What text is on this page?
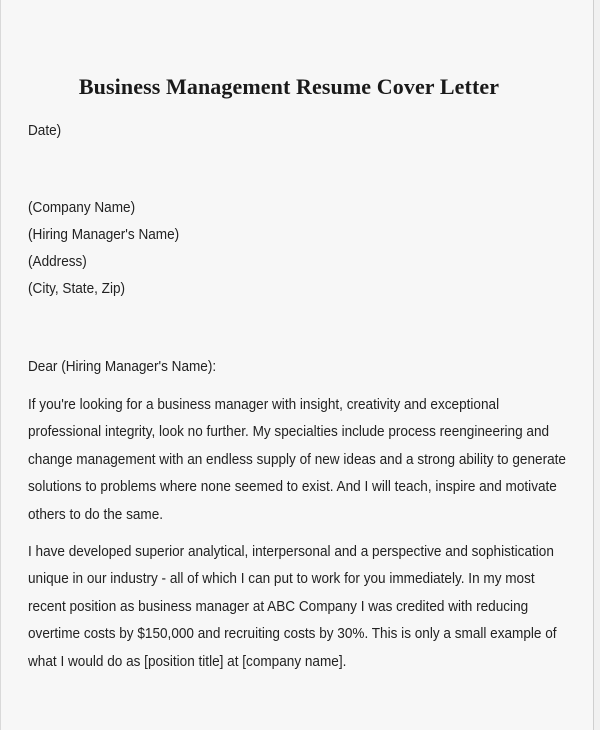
Business Management Resume Cover Letter
Date)
(Company Name)
(Hiring Manager's Name)
(Address)
(City, State, Zip)
Dear (Hiring Manager's Name):
If you're looking for a business manager with insight, creativity and exceptional
professional integrity, look no further. My specialties include process reengineering and
change management with an endless supply of new ideas and a strong ability to generate
solutions to problems where none seemed to exist. And I will teach, inspire and motivate
others to do the same.
I have developed superior analytical, interpersonal and a perspective and sophistication
unique in our industry - all of which I can put to work for you immediately. In my most
recent position as business manager at ABC Company I was credited with reducing
overtime costs by $150,000 and recruiting costs by 30%. This is only a small example of
what I would do as [position title] at [company name].
